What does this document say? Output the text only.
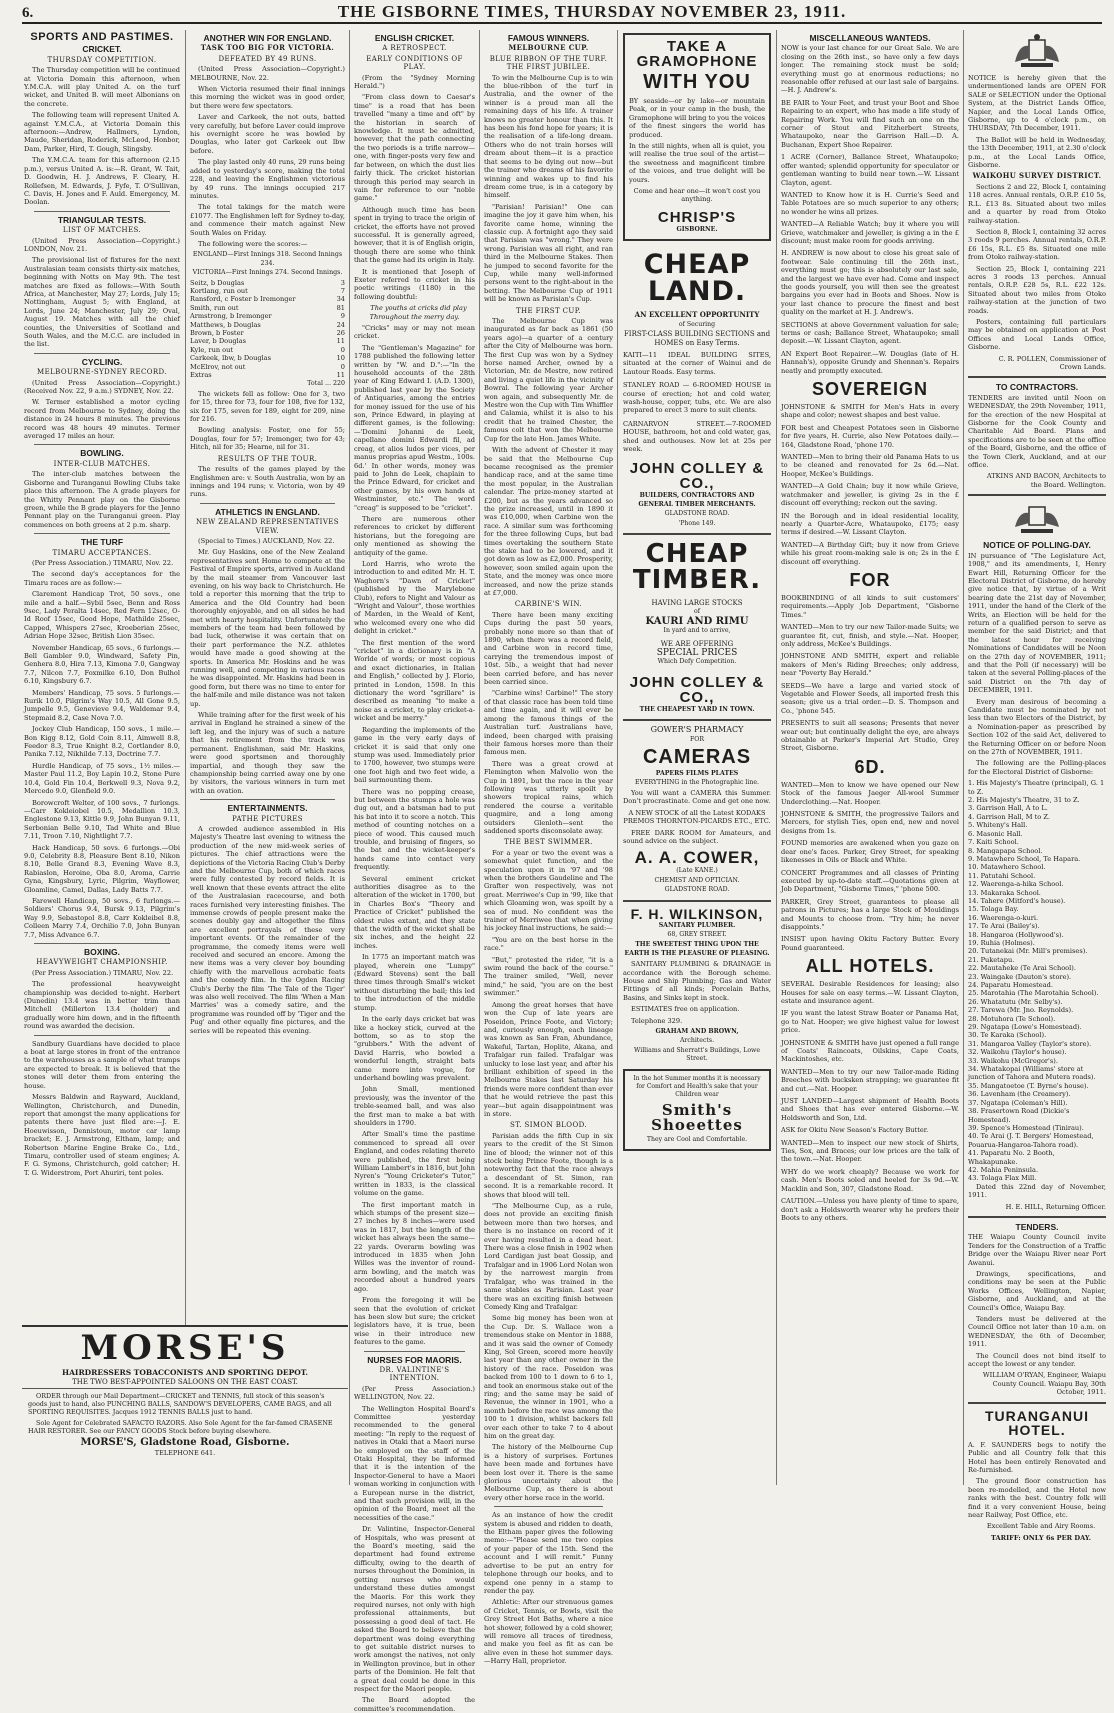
6.	THE GISBORNE TIMES, THURSDAY NOVEMBER 23, 1911.
SPORTS AND PASTIMES.
CRICKET.
THURSDAY COMPETITION.

The Thursday competition will be continued at Victoria Domain this afternoon, when Y.M.C.A. will play United A. on the turf wicket, and United B. will meet Albonians on the concrete.

The following team will represent United A. against Y.M.C.A., at Victoria Domain this afternoon:—Andrew, Hallmers, Lyndon, Maude, Sheridan, Roderick, McLeod, Honbor, Dam, Parker, Hird, T. Gough, Slingsby.

The Y.M.C.A. team for this afternoon (2.15 p.m.), versus United A. is:—R. Grant, W. Tait, D. Goodwin, H. J. Andrews, F. Cleary, H. Rollefsen, M. Edwards, J. Fyfe, T. O'Sullivan, C. Davis, H. Jones and F. Auld. Emergency, M. Doolan.

TRIANGULAR TESTS.
LIST OF MATCHES.

(United Press Association—Copyright.) LONDON, Nov. 21.

The provisional list of fixtures for the next Australasian team consists thirty-six matches, beginning with Notts on May 9th. The test matches are fixed as follows:—With South Africa, at Manchester, May 27; Lords, July 15; Nottingham, August 5; with England, at Lords, June 24; Manchester, July 29; Oval, August 19. Matches with all the chief counties, the Universities of Scotland and South Wales, and the M.C.C. are included in the list.

CYCLING.
MELBOURNE-SYDNEY RECORD.

(United Press Association—Copyright.) (Received Nov. 22, 9 a.m.) SYDNEY, Nov. 22.

W. Termer established a motor cycling record from Melbourne to Sydney, doing the distance in 24 hours 8 minutes. The previous record was 48 hours 49 minutes. Termer averaged 17 miles an hour.

BOWLING.
INTER-CLUB MATCHES.

The inter-club matches between the Gisborne and Turanganui Bowling Clubs take place this afternoon. The A grade players for the Whitty Pennant play on the Gisborne green, while the B grade players for the Jenno Pennant play on the Turanganui green. Play commences on both greens at 2 p.m. sharp.

THE TURF
TIMARU ACCEPTANCES.

(Per Press Association.) TIMARU, Nov. 22.

The second day's acceptances for the Timaru races are as follow:—

Claremont Handicap Trot, 50 sovs., one mile and a half.—Sybil 5sec, Benn and Ross 9sec, Lady Peralta 14sec, Red Fern 12sec, O-Id Roof 15sec, Good Hope, Mathilde 25sec, Capped, Whispers 27sec, Kroeberian 25sec, Adrian Hope 32sec, British Lion 35sec.

November Handicap, 65 sovs., 6 furlongs.—Bell Gambler 9.0, Windward, Safety Pin, Genhera 8.0, Hira 7.13, Kimona 7.0, Gangway 7.7, Nilcon 7.7, Foxmilke 6.10, Don Bulhol 6.10, Kingsbury 6.7.

Members' Handicap, 75 sovs. 5 furlongs.—Rurik 10.0, Pilgrim's Way 10.5, All Gone 9.5, Jumpelle 9.5, Genevieve 9.4, Waldemar 9.4, Stepmaid 8.2, Case Nova 7.0.

Jockey Club Handicap, 150 sovs., 1 mile.—Bon Kigg 8.12, Gold Coin 8.11, Aimwell 8.8, Feedor 8.3, True Knight 8.2, Cortlander 8.0, Panika 7.12, Nikhilde 7.13, Doctrine 7.7.

Hurdle Handicap, of 75 sovs., 1½ miles.—Master Paul 11.2, Boy Lapin 10.2, Stone Pure 10.4, Gold Fin 10.4, Berkwell 9.3, Nova 9.2, Mercedo 9.0, Glenfield 9.0.

Borowcroft Welter, of 100 sovs., 7 furlongs.—Carr Kokleiobel 10.5, Medallion 10.3, Englestone 9.13, Kittle 9.9, John Bunyan 9.11, Serbonian Belle 9.10, Tad White and Blue 7.11, Troon 7.10, Nightlight 7.7.

Hack Handicap, 50 sovs. 6 furlongs.—Obi 9.0, Celebrity 8.8, Pleasure Bent 8.10, Nikon 8.10, Belle Grand 8.3, Evening Wave 8.3, Rabiaslon, Heroine, Oba 8.0, Aroma, Carrie Gyna, Kingsbury, Lyric, Pilgrim, Wayflower, Gloamline, Camel, Dallas, Lady Batts 7.7.

Farewell Handicap, 50 sovs., 6 furlongs.—Soldiers' Chorus 9.4, Bursk 9.13, Pilgrim's Way 9.9, Sebastopol 8.8, Carr Kokleibel 8.8, Colleen Marry 7.4, Orchilio 7.0, John Bunyan 7.7, Miss Advance 6.7.

BOXING.
HEAVYWEIGHT CHAMPIONSHIP.

(Per Press Association.) TIMARU, Nov. 22.

The professional heavyweight championship was decided to-night. Herbert (Dunedin) 13.4 was in better trim than Mitchell (Millerton 13.4 (holder) and gradually wore him down, and in the fifteenth round was awarded the decision.

Sandbury Guardians have decided to place a boat at large stores in front of the entrance to the warehouses as a sample of what tramps are expected to break. It is believed that the stones will deter them from entering the house.

Messrs Baldwin and Rayward, Auckland, Wellington, Christchurch, and Dunedin, report that amongst the many applications for patents there have just filed are:—J. E. Hoeuwisson, Dennistoun, motor car lamp bracket; E. J. Armstrong, Eltham, lamp; and Robertson Marine Engine Brake Co., Ltd., Timaru, controller used of steam engines; A. F. G. Symons, Christchurch, gold catcher; H. T. G. Widerstrom, Port Ahuriri, tent poles.

MORSE'S
HAIRDRESSERS TOBACCONISTS AND SPORTING DEPOT.
THE TWO BEST-APPOINTED SALOONS ON THE EAST COAST.

ORDER through our Mail Department—CRICKET and TENNIS, full stock of this season's goods just to hand, also PUNCHING BALLS, SANDOW'S DEVELOPERS, CAME BAGS, and all SPORTING REQUISITES. Jacques 1912 TENNIS BALLS just to hand.

Sole Agent for Celebrated SAFACTO RAZORS. Also Sole Agent for the far-famed CRASENE HAIR RESTORER. See our FANCY GOODS Stock before buying elsewhere.

MORSE'S, Gladstone Road, Gisborne.
TELEPHONE 641.
ANOTHER WIN FOR ENGLAND.
TASK TOO BIG FOR VICTORIA.
DEFEATED BY 49 RUNS.

(United Press Association—Copyright.) MELBOURNE, Nov. 22.

When Victoria resumed their final innings this morning the wicket was in good order, but there were few spectators.

Laver and Carkeek, the not outs, batted very carefully, but before Laver could improve his overnight score he was bowled by Douglas, who later got Carkeek out lbw before.

The play lasted only 40 runs, 29 runs being added to yesterday's score, making the total 228, and leaving the Englishmen victorious by 49 runs. The innings occupied 217 minutes.

The total takings for the match were £1077. The Englishmen left for Sydney to-day, and commence their match against New South Wales on Friday.

The following were the scores:—

ENGLAND—First Innings 318. Second Innings 234.
VICTORIA—First Innings 274. Second Innings.
Seitz, b Douglas	3
Kortlang, run out	7
Ransford, c Foster b Iremonger	34
Smith, run out	81
Armstrong, b Iremonger	9
Matthews, b Douglas	24
Brown, b Foster	26
Laver, b Douglas	11
Kyle, run out	0
Carkeek, lbw, b Douglas	10
McElrov, not out	0
Extras	11
Total ... 220

The wickets fell as follow: One for 3, two for 15, three for 73, four for 108, five for 132, six for 175, seven for 189, eight for 209, nine for 216.

Bowling analysis: Foster, one for 55; Douglas, four for 57; Iremonger, two for 43; Hitch, nil for 35; Hearne, nil for 31.

RESULTS OF THE TOUR.

The results of the games played by the Englishmen are: v. South Australia, won by an innings and 194 runs; v. Victoria, won by 49 runs.

ATHLETICS IN ENGLAND.
NEW ZEALAND REPRESENTATIVES VIEW.

(Special to Times.) AUCKLAND, Nov. 22.

Mr. Guy Haskins, one of the New Zealand representatives sent Home to compete at the Festival of Empire sports, arrived in Auckland by the mail steamer from Vancouver last evening, on his way back to Christchurch. He told a reporter this morning that the trip to America and the Old Country had been thoroughly enjoyable, and on all sides he had met with hearty hospitality. Unfortunately the members of the team had been followed by bad luck, otherwise it was certain that on their part performance the N.Z. athletes would have made a good showing at the sports. In America Mr. Hoskins and he was running well, and competing in various races he was disappointed. Mr. Haskins had been in good form, but there was no time to enter for the half-mile and mile distance was not taken up.

While training after for the first week of his arrival in England he strained a sinew of the left leg, and the injury was of such a nature that his retirement from the track was permanent. Englishman, said Mr. Haskins, were good sportsmen and thoroughly impartial, and though they saw the championship being carried away one by one by visitors, the various winners in turn met with an ovation.

ENTERTAINMENTS.
PATHE PICTURES

A crowded audience assembled in His Majesty's Theatre last evening to witness the production of the new mid-week series of pictures. The chief attractions were the depictions of the Victoria Racing Club's Derby and the Melbourne Cup, both of which races were fully contested by record fields. It is well known that these events attract the elite of the Australasian racecourse, and both races furnished very interesting finishes. The immense crowds of people present make the scenes doubly gay and altogether the films are excellent portrayals of these very important events. Of the remainder of the programme, the comedy items were well received and secured an encore. Among the new items was a very clever boy bounding chiefly with the marvellous acrobatic feats and the comedy film. In the Ogden Racing Club's Derby the film 'The Tale of the Tiger' was also well received. The film 'When a Man Marries' was a comedy satire, and the programme was rounded off by 'Tiger and the Pug' and other equally fine pictures, and the series will be repeated this evening.

ENGLISH CRICKET.
A RETROSPECT.
EARLY CONDITIONS OF PLAY.

(From the "Sydney Morning Herald.")

"From class down to Caesar's time" is a road that has been travelled "many a time and oft" by the historian in search of knowledge. It must be admitted, however, that the path connecting the two periods is a trifle narrow—one, with finger-posts very few and far between, on which the dust lies fairly thick. The cricket historian through this period may search in vain for reference to our "noble game."

Although much time has been spent in trying to trace the origin of cricket, the efforts have not proved successful. It is generally agreed, however, that it is of English origin, though there are some who think that the game had its origin in Italy.

It is mentioned that Joseph of Exeter referred to cricket in his poetic writings (1180) in the following doubtful:

The youths at cricks did play Throughout the merry day.

"Cricks" may or may not mean cricket.

The "Gentleman's Magazine" for 1788 published the following letter written by "W. and D.":—"In the household accounts of the 28th year of King Edward I. (A.D. 1300), published last year by the Society of Antiquaries, among the entries for money issued for the use of his son, Prince Edward, in playing at different games, is the following:—'Domini Johanni de Leek, capellano domini Edwardi fil, ad creag, et alios ludos per vices, per manus proprias apud Westm., 100s. 6d.' In other words, money was paid to John de Leek, chaplain to the Prince Edward, for cricket and other games, by his own hands at Westminster, etc." The word "creag" is supposed to be "cricket".

There are numerous other references to cricket by different historians, but the foregoing are only mentioned as showing the antiquity of the game.

Lord Harris, who wrote the introduction to and edited Mr. H. T. Waghorn's "Dawn of Cricket" (published by the Marylebone Club), refers to Night and Valour as "Wright and Valour", those worthies of Marden, in the Weald of Kent, who welcomed every one who did delight in cricket."

The first mention of the word "cricket" in a dictionary is in "A Worlde of words; or most copious and exact dictionaries, in Italian and English," collected by J. Florio, printed in London, 1598. In this dictionary the word "sgrillare" is described as meaning "to make a noise as a cricket, to play cricket-a-wicket and be merry."

Regarding the implements of the game in the very early days of cricket it is said that only one stump was used. Immediately prior to 1700, however, two stumps were one foot high and two feet wide, a bail surmounting them.

There was no popping crease, but between the stumps a hole was dug out, and a batsman had to put his bat into it to score a notch. This method of counting notches on a piece of wood. This caused much trouble, and bruising of fingers, so the bat and the wicket-keeper's hands came into contact very frequently.

Several eminent cricket authorities disagree as to the alteration of the wicket in 1700, but in Charles Box's "Theory and Practice of Cricket" published the oldest rules extant, and they state that the width of the wicket shall be six inches, and the height 22 inches.

In 1775 an important match was played, wherein one "Lumpy" (Edward Stevens) sent the ball three times through Small's wicket without disturbing the bail; this led to the introduction of the middle stump.

In the early days cricket bat was like a hockey stick, curved at the bottom, so as to stop the "grubbers." With the advent of David Harris, who bowled a wonderful length, straight bats came more into vogue, for underhand bowling was prevalent.

John Small, mentioned previously, was the inventor of the treble-seamed ball, and was also the first man to make a bat with shoulders in 1790.

After Small's time the pastime commenced to spread all over England, and codes relating thereto were published, the first being William Lambert's in 1816, but John Nyren's "Young Cricketer's Tutor," written in 1833, is the classical volume on the game.

The first important match in which stumps of the present size—27 inches by 8 inches—were used was in 1817, but the length of the wicket has always been the same—22 yards. Overarm bowling was introduced in 1835 when John Willes was the inventor of round-arm bowling, and the match was recorded about a hundred years ago.

From the foregoing it will be seen that the evolution of cricket has been slow but sure; the cricket legislators have, it is true, been wise in their introduce new features to the game.

NURSES FOR MAORIS.
DR. VALINTINE'S INTENTION.

(Per Press Association.) WELLINGTON, Nov. 22.

The Wellington Hospital Board's Committee yesterday recommended to the general meeting: "In reply to the request of natives in Otaki that a Maori nurse be employed on the staff of the Otaki Hospital, they be informed that it is the intention of the Inspector-General to have a Maori woman working in conjunction with a European nurse in the district, and that such provision will, in the opinion of the Board, meet all the necessities of the case."

Dr. Valintine, Inspector-General of Hospitals, who was present at the Board's meeting, said the department had found extreme difficulty, owing to the dearth of nurses throughout the Dominion, in getting nurses who would understand these duties amongst the Maoris. For this work they required nurses, not only with high professional attainments, but possessing a good deal of tact. He asked the Board to believe that the department was doing everything to get suitable district nurses to work amongst the natives, not only in Wellington province, but in other parts of the Dominion. He felt that a great deal could be done in this respect for the Maori people.

The Board adopted the committee's recommendation.

FAMOUS WINNERS.
MELBOURNE CUP.
BLUE RIBBON OF THE TURF. THE FIRST JUBILEE.

To win the Melbourne Cup is to win the blue-ribbon of the turf in Australia, and the owner of the winner is a proud man all the remaining days of his life. A trainer knows no greater honour than this. It has been his fond hope for years; it is the realisation of a life-long dream. Others who do not train horses will dream about them—it is a practice that seems to be dying out now—but the trainer who dreams of his favorite winning and wakes up to find his dream come true, is in a category by himself.

"Parisian! Parisian!" One can imagine the joy it gave him when, his favorite came home, winning the classic cup. A fortnight ago they said that Parisian was "wrong." They were wrong. Parisian was all right, and ran third in the Melbourne Stakes. Then he jumped to second favorite for the Cup, while many well-informed persons went to the right-about in the betting. The Melbourne Cup of 1911 will be known as Parisian's Cup.

THE FIRST CUP.

The Melbourne Cup was inaugurated as far back as 1861 (50 years ago)—a quarter of a century after the City of Melbourne was born. The first Cup was won by a Sydney horse named Archer, owned by a Victorian, Mr. de Mestre, now retired and living a quiet life in the vicinity of Bowral. The following year Archer won again, and subsequently Mr. de Mestre won the Cup with Tim Whiffler and Calamia, whilst it is also to his credit that he trained Chester, the famous colt that won the Melbourne Cup for the late Hon. James White.

With the advent of Chester it may be said that the Melbourne Cup became recognised as the premier handicap race, and at the same time the most popular, in the Australian calendar. The prize-money started at £200, but as the years advanced so the prize increased, until in 1890 it was £10,000, when Carbine won the race. A similar sum was forthcoming for the three following Cups, but bad times overtaking the southern State the stake had to be lowered, and it got down as low as £2,000. Prosperity, however, soon smiled again upon the State, and the money was once more increased, and now the prize stands at £7,000.

CARBINE'S WIN.

There have been many exciting Cups during the past 50 years, probably none more so than that of 1890, when there was a record field, and Carbine won in record time, carrying the tremendous impost of 10st. 5lb., a weight that had never been carried before, and has never been carried since.

"Carbine wins! Carbine!" The story of that classic race has been told time and time again, and it will ever be among the famous things of the Australian turf. Australians have, indeed, been charged with praising their famous horses more than their famous men.

There was a great crowd at Flemington when Malvolio won the Cup in 1891, but the race in the year following was utterly spoilt by showers tropical rains, which rendered the course a veritable quagmire, and a long among outsiders Glenloth—sent the saddened sports disconsolate away.

THE BEST SWIMMER.

For a year or two the event was a somewhat quiet function, and the speculation upon it in '97 and '98 when the brothers Gaudeline and The Grafter won respectively, was not great. Merriwee's Cup in '99, like that which Gloaming won, was spoilt by a sea of mud. No confident was the trainer of Merriwee that when giving his jockey final instructions, he said:—

"You are on the best horse in the race."

"But," protested the rider, "it is a swim round the back of the course." The trainer smiled, "Well, never mind," he said, "you are on the best swimmer."

Among the great horses that have won the Cup of late years are Poseidon, Prince Foote, and Victory; and, curiously enough, each lineage was known as San Fran, Abundance, Wakeful, Tartan, Hoplite, Akana, and Trafalgar run failed. Trafalgar was unlucky to lose last year, and after his brilliant exhibition of speed in the Melbourne Stakes last Saturday his friends were more confident than ever that he would retrieve the past this year—but again disappointment was in store.

ST. SIMON BLOOD.

Parisian adds the fifth Cup in six years to the credit of the St Simon line of blood; the winner not of this stock being Prince Foote, though is a noteworthy fact that the race always a descendant of St. Simon, ran second. It is a remarkable record. It shows that blood will tell.

"The Melbourne Cup, as a rule, does not provide an exciting finish between more than two horses, and there is no instance on record of it ever having resulted in a dead heat. There was a close finish in 1902 when Lord Cardigan just beat Gossip, and Trafalgar and in 1906 Lord Nolan won by the narrowest margin from Trafalgar, who was trained in the same stables as Parisian. Last year there was an exciting finish between Comedy King and Trafalgar.

Some big money has been won at the Cup. Dr. S. Wallace won a tremendous stake on Mentor in 1888, and it was said the owner of Comedy King, Sol Green, scored more heavily last year than any other owner in the history of the race. Poseidon was backed from 100 to 1 down to 6 to 1, and took an enormous stake out of the ring; and the same may be said of Revenue, the winner in 1901, who a month before the race was among the 100 to 1 division, whilst backers fell over each other to take 7 to 4 about him on the great day.

The history of the Melbourne Cup is a history of surprises. Fortunes have been made and fortunes have been lost over it. There is the same glorious uncertainty about the Melbourne Cup, as there is about every other horse race in the world.

As an instance of how the credit system is abused and ridden to death, the Eltham paper gives the following memo:—"Please send me two copies of your paper of the 15th. Send the account and I will remit." Funny advertise to be put an entry for telephone through our books, and to expend one penny in a stamp to render the pay.

Athletic: After our strenuous games of Cricket, Tennis, or Bowls, visit the Grey Street Hot Baths, where a nice hot shower, followed by a cold shower, will remove all traces of tiredness, and make you feel as fit as can be alive even in these hot summer days.—Harry Hall, proprietor.

TAKE A GRAMOPHONE
WITH YOU

BY seaside—or by lake—or mountain Peak, or in your camp in the bush, the Gramophone will bring to you the voices of the finest singers the world has produced.

In the still nights, when all is quiet, you will realise the true soul of the artist—the sweetness and magnificent timbre of the voices, and true delight will be yours.

Come and hear one—it won't cost you anything.

CHRISP'S
GISBORNE.
CHEAP LAND.
AN EXCELLENT OPPORTUNITY
of Securing
FIRST-CLASS BUILDING SECTIONS and HOMES on Easy Terms.

KAITI—11 IDEAL BUILDING SITES, situated at the corner of Wainui and de Lautour Roads. Easy terms.

STANLEY ROAD — 6-ROOMED HOUSE in course of erection; hot and cold water, wash-house, copper, tubs, etc. We are also prepared to erect 3 more to suit clients.

CARNARVON STREET.—7-ROOMED HOUSE, bathroom, hot and cold water, gas, shed and outhouses. Now let at 25s per week.

JOHN COLLEY & CO.,
BUILDERS, CONTRACTORS AND GENERAL TIMBER MERCHANTS.
GLADSTONE ROAD.
'Phone 149.
CHEAP TIMBER.
HAVING LARGE STOCKS
of
KAURI AND RIMU
In yard and to arrive,
WE ARE OFFERING
SPECIAL PRICES
Which Defy Competition.
JOHN COLLEY & CO.,
THE CHEAPEST YARD IN TOWN.
GOWER'S PHARMACY
FOR
CAMERAS
PAPERS FILMS PLATES
EVERYTHING in the Photographic line.

You will want a CAMERA this Summer. Don't procrastinate. Come and get one now.

A NEW STOCK of all the Latest KODAKS PREMOS THORNTON-PICARDS ETC., ETC.

FREE DARK ROOM for Amateurs, and sound advice on the subject.

A. A. COWER,
(Late KANE.)
CHEMIST AND OPTICIAN.
GLADSTONE ROAD.
F. H. WILKINSON,
SANITARY PLUMBER.
68, GREY STREET.
THE SWEETEST THING UPON THE EARTH IS THE PLEASURE OF PLEASING.

SANITARY PLUMBING & DRAINAGE in accordance with the Borough scheme. House and Ship Plumbing; Gas and Water Fittings of all kinds; Porcelain Baths, Basins, and Sinks kept in stock.

ESTIMATES free on application.

Telephone 329.

GRAHAM AND BROWN,
Architects.
Williams and Sherratt's Buildings, Lowe Street.

In the hot Summer months it is necessary for Comfort and Health's sake that your Children wear

Smith's Shoeettes
They are Cool and Comfortable.
MISCELLANEOUS WANTEDS.

NOW is your last chance for our Great Sale. We are closing on the 26th inst., so have only a few days longer. The remaining stock must be sold; everything must go at enormous reductions; no reasonable offer refused at our last sale of bargains.—H. J. Andrew's.

BE FAIR to Your Feet, and trust your Boot and Shoe Repairing to an expert, who has made a life study of Repairing Work. You will find such an one on the corner of Stout and Fitzherbert Streets, Whataupoko, near the Garrison Hall.—D. A. Buchanan, Expert Shoe Repairer.

1 ACRE (Corner), Ballance Street, Whataupoko; offer wanted; splendid opportunity for speculator or gentleman wanting to build near town.—W. Lissant Clayton, agent.

WANTED to Know how it is H. Currie's Seed and Table Potatoes are so much superior to any others; no wonder he wins all prizes.

WANTED—A Reliable Watch; buy it where you will Grieve, watchmaker and jeweller, is giving a in the £ discount; must make room for goods arriving.

H. ANDREW is now about to close his great sale of footwear. Sale continuing till the 26th inst., everything must go; this is absolutely our last sale, and the largest we have ever had. Come and inspect the goods yourself, you will then see the greatest bargains you ever had in Boots and Shoes. Now is your last chance to procure the finest and best quality on the market at H. J. Andrew's.

SECTIONS at above Government valuation for sale; terms or cash; Ballance Street, Whataupoko; small deposit.—W. Lissant Clayton, agent.

AN Expert Boot Repairer.—W. Douglas (late of H. Hannah's), opposite Grundy and Shennan's. Repairs neatly and promptly executed.

SOVEREIGN

JOHNSTONE & SMITH for Men's Hats in every shape and color; newest shapes and best value.

FOR best and Cheapest Potatoes seen in Gisborne for five years, H. Currie, also New Potatoes daily.—164, Gladstone Road, 'phone 170.

WANTED—Men to bring their old Panama Hats to us to be cleaned and renovated for 2s 6d.—Nat. Hooper, McKee's Buildings.

WANTED—A Gold Chain; buy it now while Grieve, watchmaker and jeweller, is giving 2s in the £ discount off everything; reckon out the saving.

IN the Borough and in ideal residential locality, nearly a Quarter-Acre, Whataupoko, £175; easy terms if desired.—W. Lissant Clayton.

WANTED—A Birthday Gift; buy it now from Grieve while his great room-making sale is on; 2s in the £ discount off everything.

FOR

BOOKBINDING of all kinds to suit customers' requirements.—Apply Job Department, "Gisborne Times."

WANTED—Men to try our new Tailor-made Suits; we guarantee fit, cut, finish, and style.—Nat. Hooper, only address, McKee's Buildings.

JOHNSTONE AND SMITH, expert and reliable makers of Men's Riding Breeches; only address, near "Poverty Bay Herald."

SEEDS—We have a large and varied stock of Vegetable and Flower Seeds, all imported fresh this season; give us a trial order.—D. S. Thompson and Co., 'phone 545.

PRESENTS to suit all seasons; Presents that never wear out; but continually delight the eye, are always obtainable at Parker's Imperial Art Studio, Grey Street, Gisborne.

6D.

WANTED—Men to know we have opened our New Stock of the famous Jaeger All-wool Summer Underclothing.—Nat. Hooper.

JOHNSTONE & SMITH, the progressive Tailors and Mercers, for stylish Ties, open end, new and novel designs from 1s.

FOUND memories are awakened when you gaze on dear one's faces. Parker, Grey Street, for speaking likenesses in Oils or Black and White.

CONCERT Programmes and all classes of Printing executed by up-to-date staff.—Quotations given at Job Department, "Gisborne Times," 'phone 500.

PARKER, Grey Street, guarantees to please all patrons in Pictures; has a large Stock of Mouldings and Mounts to choose from. "Try him; he never disappoints."

INSIST upon having Okitu Factory Butter. Every Pound guaranteed.

ALL HOTELS.

SEVERAL Desirable Residences for leasing; also Houses for sale on easy terms.—W. Lissant Clayton, estate and insurance agent.

IF you want the latest Straw Boater or Panama Hat, go to Nat. Hooper; we give highest value for lowest price.

JOHNSTONE & SMITH have just opened a full range of Coats' Raincoats, Oilskins, Cape Coats, Mackintoshes, etc.

WANTED—Men to try our new Tailor-made Riding Breeches with bucksken strapping; we guarantee fit and cut.—Nat. Hooper.

JUST LANDED—Largest shipment of Health Boots and Shoes that has ever entered Gisborne.—W. Holdsworth and Son, Ltd.

ASK for Okitu New Season's Factory Butter.

WANTED—Men to inspect our new stock of Shirts, Ties, Sox, and Braces; our low prices are the talk of the town.—Nat. Hooper.

WHY do we work cheaply? Because we work for cash. Men's Boots soled and heeled for 3s 9d.—W. Macklin and Son, 307, Gladstone Road.

CAUTION.—Unless you have plenty of time to spare, don't ask a Holdsworth wearer why he prefers their Boots to any others.

NOTICE is hereby given that the undermentioned lands are OPEN FOR SALE or SELECTION under the Optional System, at the District Lands Office, Napier, and the Local Lands Office, Gisborne, up to 4 o'clock p.m., on THURSDAY, 7th December, 1911.

The Ballot will be held in Wednesday, the 13th December, 1911, at 2.30 o'clock p.m., at the Local Lands Office, Gisborne.

WAIKOHU SURVEY DISTRICT.

Sections 2 and 22, Block I, containing 118 acres. Annual rentals, O.R.P. £10 5s, R.L. £13 8s. Situated about two miles and a quarter by road from Otoko railway-station.

Section 8, Block I, containing 32 acres 3 roods 9 perches. Annual rentals, O.R.P. £6 15s, R.L. £5 8s. Situated one mile from Otoko railway-station.

Section 25, Block I, containing 221 acres 3 roods 13 perches. Annual rentals, O.R.P. £28 5s, R.L. £22 12s. Situated about two miles from Otoko railway-station at the junction of two roads.

Posters, containing full particulars may be obtained on application at Post Offices and Local Lands Office, Gisborne.

C. R. POLLEN, Commissioner of Crown Lands.

TO CONTRACTORS.

TENDERS are invited until Noon on WEDNESDAY, the 29th November, 1911, for the erection of the new Hospital at Gisborne for the Cook County and Charitable Aid Board. Plans and specifications are to be seen at the office of the Board, Gisborne, and the office of the Town Clerk, Auckland, and at our office.

ATKINS AND BACON, Architects to the Board. Wellington.

NOTICE OF POLLING-DAY.

IN pursuance of "The Legislature Act, 1908," and its amendments, I, Henry Ewart Hill, Returning Officer for the Electoral District of Gisborne, do hereby give notice that, by virtue of a Writ bearing date the 21st day of November, 1911, under the hand of the Clerk of the Writs, an Election will be held for the return of a qualified person to serve as member for the said District; and that the latest hour for receiving Nominations of Candidates will be Noon on the 27th day of NOVEMBER, 1911; and that the Poll (if necessary) will be taken at the several Polling-places of the said District on the 7th day of DECEMBER, 1911.

Every man desirous of becoming a Candidate must be nominated by not less than two Electors of the District, by a Nomination-paper as prescribed by Section 102 of the said Act, delivered to the Returning Officer on or before Noon on the 27th of NOVEMBER, 1911.

The following are the Polling-places for the Electoral District of Gisborne:

1. His Majesty's Theatre (principal), G. 1 to Z.
2. His Majesty's Theatre, 31 to Z.
3. Garrison Hall, A to L.
4. Garrison Hall, M to Z.
5. Whiteny's Hall.
6. Masonic Hall.
7. Kaiti School.
8. Mangapapa School.
9. Matawhero School, Te Hapara.
10. Matawhero School.
11. Patutahi School.
12. Waerenga-a-hika School.
13. Makaraka School.
14. Tahere (Mitford's house).
15. Tolaga Bay.
16. Waerenga-o-kuri.
17. Te Arai (Bailey's).
18. Hangaroa (Hollywood's).
19. Ruhia (Holmes).
20. Tutanekai (Mr. Mill's premises).
21. Puketapu.
22. Mautaheke (Te Arai School).
23. Waingake (Dauton's store).
24. Paparatu Homestead.
25. Marotahia (The Marotahia School).
26. Whatatutu (Mr. Selby's).
27. Tarewa (Mr. Jno. Reynolds).
28. Motuhora (Te School).
29. Ngatapa (Lowe's Homestead).
30. Te Karaka (School).
31. Mangaroa Valley (Taylor's store).
32. Waikohu (Taylor's house).
33. Waikohu (McGregor's).
34. Whatakopai (Williams' store at junction of Tahora and Mutera roads).
35. Mangatoetoe (T. Byrne's house).
36. Lavenham (the Creamery).
37. Ngatapa (Coleman's Hill).
38. Frasertown Road (Dickie's Homestead).
39. Spence's Homestead (Tinirau).
40. Te Arai (J. T. Bergers' Homestead, Pouarua-Hangaroa-Tahora road).
41. Paparatu No. 2 Booth, Whakapunake.
42. Mahia Peninsula.
43. Tolaga Flax Mill.

Dated this 22nd day of November, 1911.

H. E. HILL, Returning Officer.

TENDERS.

THE Waiapu County Council invite Tenders for the Construction of a Traffic Bridge over the Waiapu River near Port Awanui.

Drawings, specifications, and conditions may be seen at the Public Works Offices, Wellington, Napier, Gisborne, and Auckland, and at the Council's Office, Waiapu Bay.

Tenders must be delivered at the Council Office not later than 10 a.m. on WEDNESDAY, the 6th of December, 1911.

The Council does not bind itself to accept the lowest or any tender.

WILLIAM O'RYAN, Engineer, Waiapu County Council. Waiapu Bay, 30th October, 1911.

TURANGANUI HOTEL.

A. F. SAUNDERS begs to notify the Public and all Country folk that this Hotel has been entirely Renovated and Re-furnished.

The ground floor construction has been re-modelled, and the Hotel now ranks with the best. Country folk will find it a very convenient House, being near Railway, Post Office, etc.

Excellent Table and Airy Rooms.

TARIFF: ONLY 6s PER DAY.
